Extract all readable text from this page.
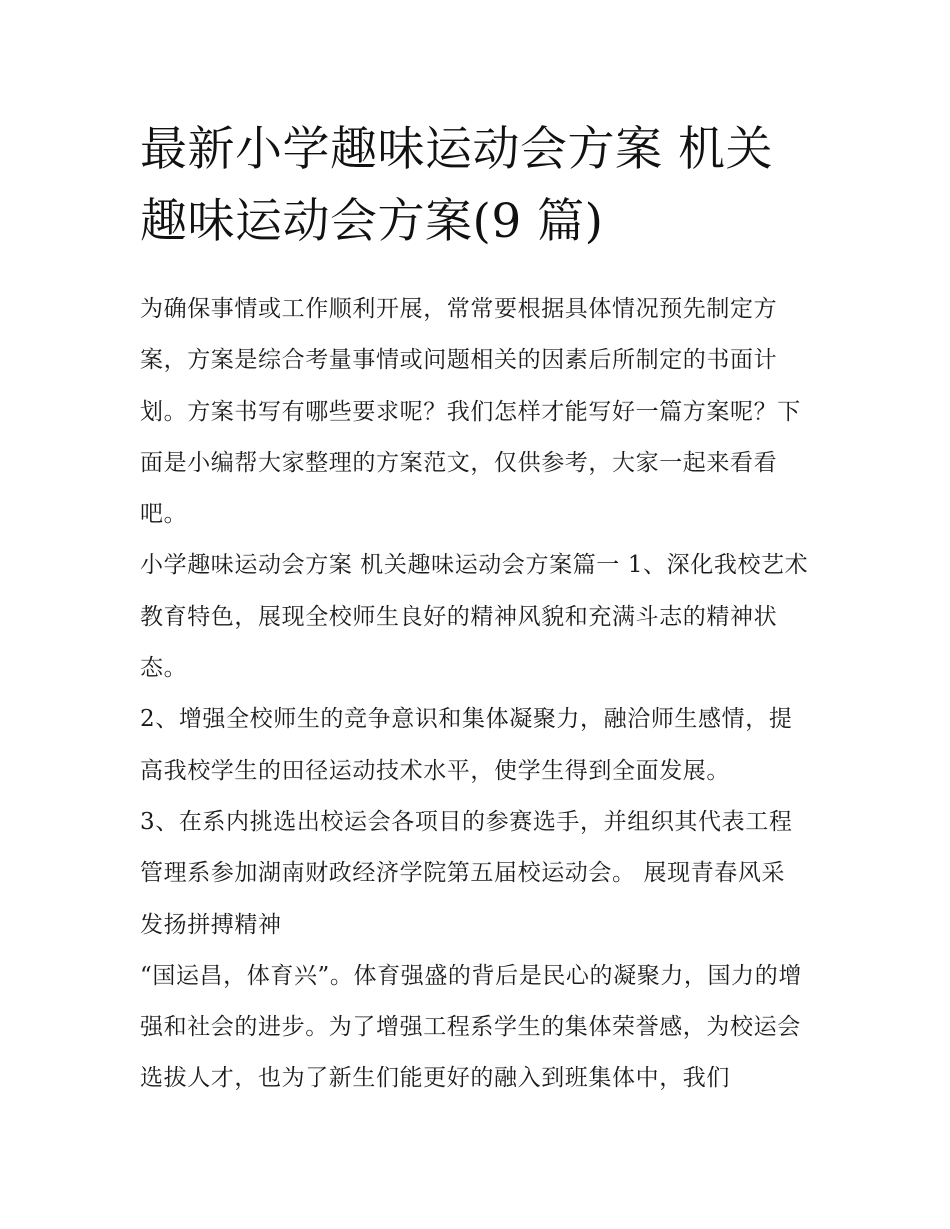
最新小学趣味运动会方案 机关
趣味运动会方案(9 篇)

为确保事情或工作顺利开展，常常要根据具体情况预先制定方案，方案是综合考量事情或问题相关的因素后所制定的书面计划。方案书写有哪些要求呢？我们怎样才能写好一篇方案呢？下面是小编帮大家整理的方案范文，仅供参考，大家一起来看看吧。

小学趣味运动会方案 机关趣味运动会方案篇一 1、深化我校艺术教育特色，展现全校师生良好的精神风貌和充满斗志的精神状态。

2、增强全校师生的竞争意识和集体凝聚力，融洽师生感情，提高我校学生的田径运动技术水平，使学生得到全面发展。

3、在系内挑选出校运会各项目的参赛选手，并组织其代表工程管理系参加湖南财政经济学院第五届校运动会。 展现青春风采 发扬拼搏精神

“国运昌，体育兴”。体育强盛的背后是民心的凝聚力，国力的增强和社会的进步。为了增强工程系学生的集体荣誉感，为校运会选拔人才，也为了新生们能更好的融入到班集体中，我们
